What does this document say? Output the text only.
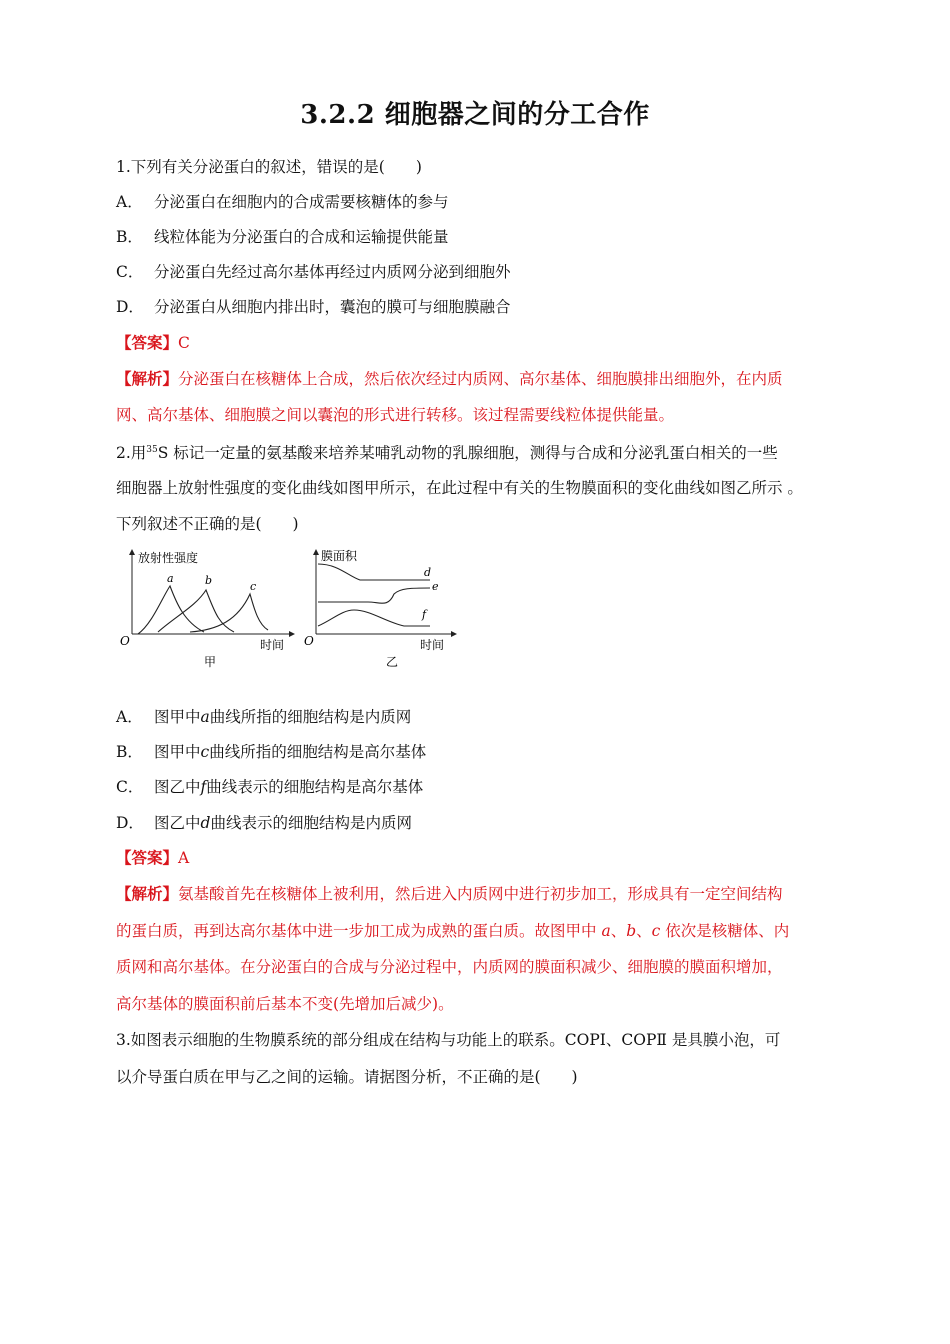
3.2.2 细胞器之间的分工合作
1.下列有关分泌蛋白的叙述，错误的是(　　)
A． 分泌蛋白在细胞内的合成需要核糖体的参与
B． 线粒体能为分泌蛋白的合成和运输提供能量
C． 分泌蛋白先经过高尔基体再经过内质网分泌到细胞外
D． 分泌蛋白从细胞内排出时，囊泡的膜可与细胞膜融合
【答案】C
【解析】分泌蛋白在核糖体上合成，然后依次经过内质网、高尔基体、细胞膜排出细胞外，在内质
网、高尔基体、细胞膜之间以囊泡的形式进行转移。该过程需要线粒体提供能量。
2.用$^{35}$S 标记一定量的氨基酸来培养某哺乳动物的乳腺细胞，测得与合成和分泌乳蛋白相关的一些
细胞器上放射性强度的变化曲线如图甲所示，在此过程中有关的生物膜面积的变化曲线如图乙所示 。
下列叙述不正确的是(　　)
放射性强度
时间
O
甲
a	b	c
膜面积
时间
O
乙
d
e
f
A． 图甲中a曲线所指的细胞结构是内质网
B． 图甲中c曲线所指的细胞结构是高尔基体
C． 图乙中f曲线表示的细胞结构是高尔基体
D． 图乙中d曲线表示的细胞结构是内质网
【答案】A
【解析】氨基酸首先在核糖体上被利用，然后进入内质网中进行初步加工，形成具有一定空间结构
的蛋白质，再到达高尔基体中进一步加工成为成熟的蛋白质。故图甲中 a、b、c 依次是核糖体、内
质网和高尔基体。在分泌蛋白的合成与分泌过程中，内质网的膜面积减少、细胞膜的膜面积增加，
高尔基体的膜面积前后基本不变(先增加后减少)。
3.如图表示细胞的生物膜系统的部分组成在结构与功能上的联系。COPⅠ、COPⅡ 是具膜小泡，可
以介导蛋白质在甲与乙之间的运输。请据图分析，不正确的是(　　)
